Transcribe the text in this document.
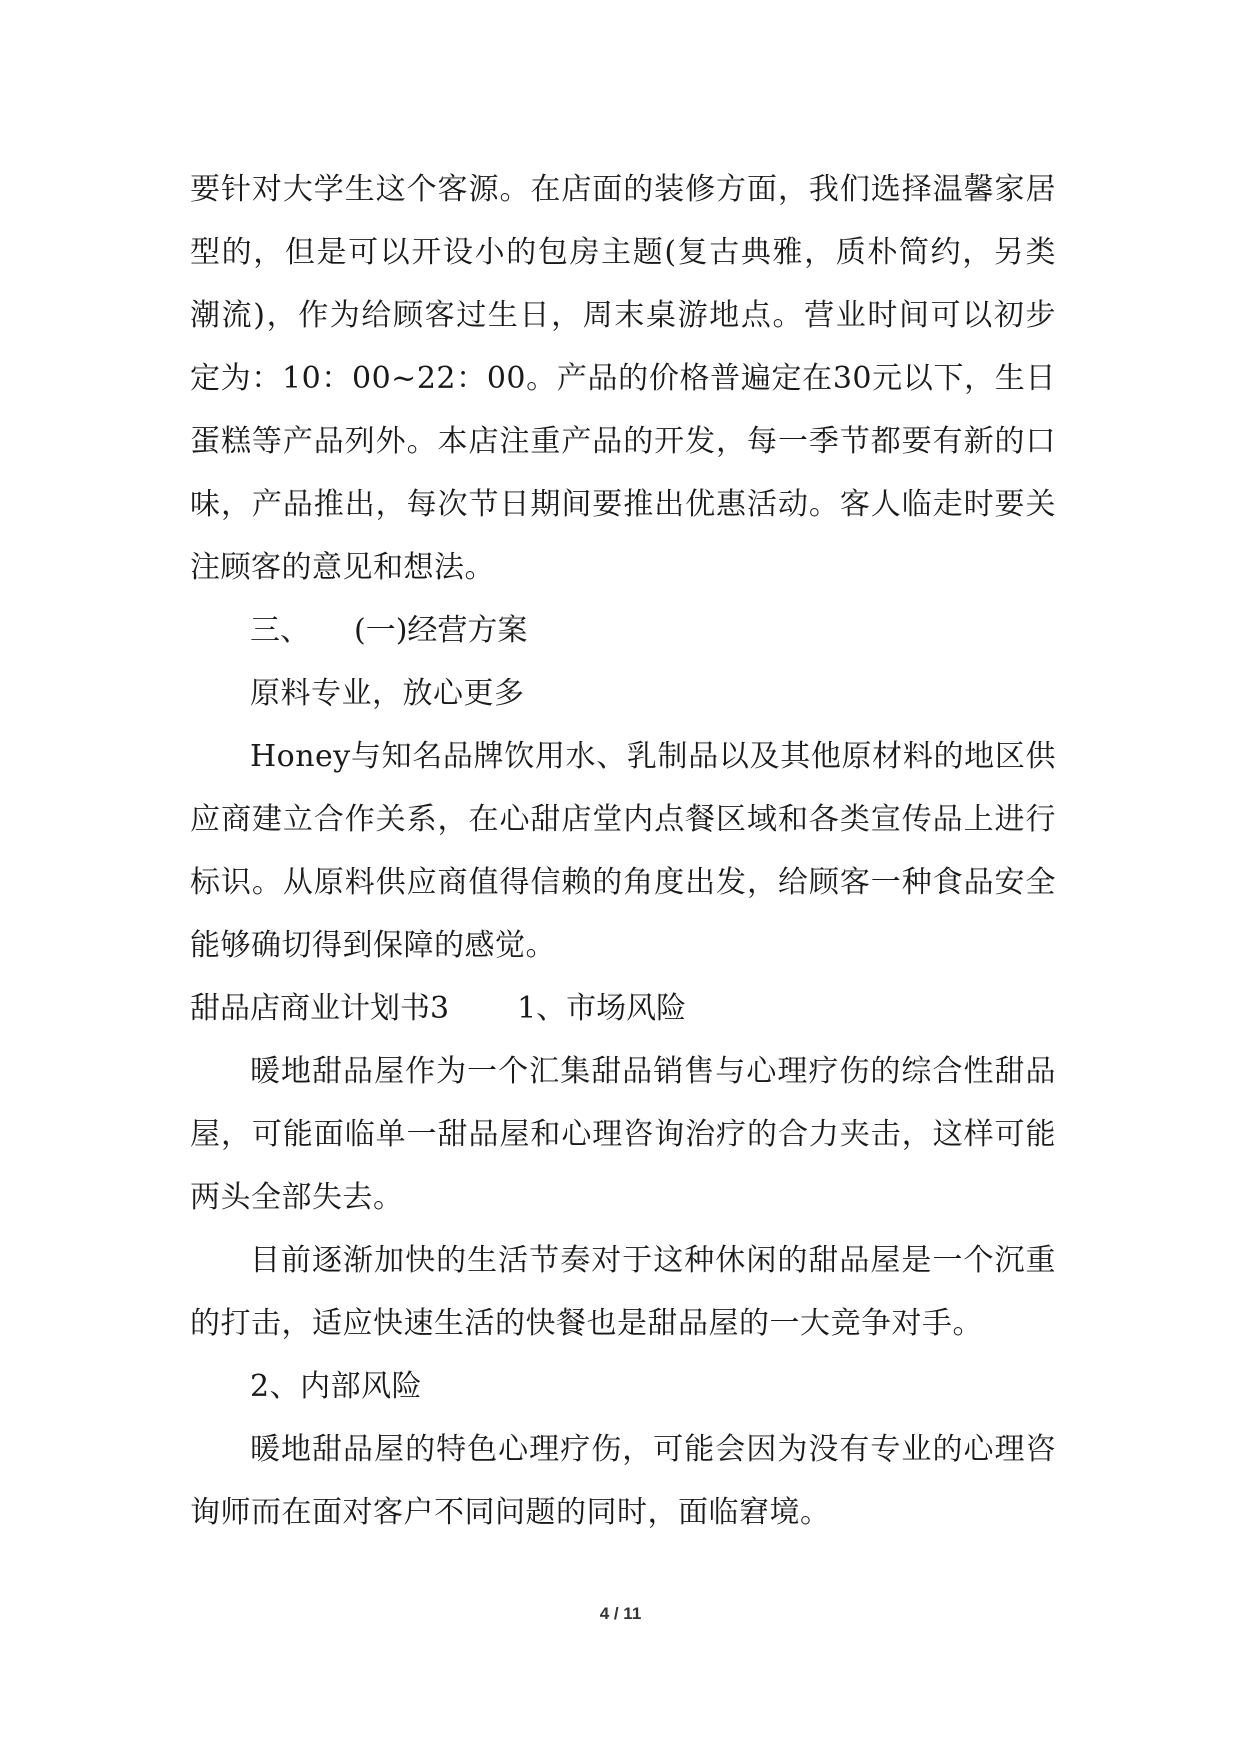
要针对大学生这个客源。在店面的装修方面，我们选择温馨家居型的，但是可以开设小的包房主题(复古典雅，质朴简约，另类潮流)，作为给顾客过生日，周末桌游地点。营业时间可以初步定为：10：00~22：00。产品的价格普遍定在30元以下，生日蛋糕等产品列外。本店注重产品的开发，每一季节都要有新的口味，产品推出，每次节日期间要推出优惠活动。客人临走时要关注顾客的意见和想法。

三、 (一)经营方案

原料专业，放心更多

Honey与知名品牌饮用水、乳制品以及其他原材料的地区供应商建立合作关系，在心甜店堂内点餐区域和各类宣传品上进行标识。从原料供应商值得信赖的角度出发，给顾客一种食品安全能够确切得到保障的感觉。

甜品店商业计划书3 1、市场风险

暖地甜品屋作为一个汇集甜品销售与心理疗伤的综合性甜品屋，可能面临单一甜品屋和心理咨询治疗的合力夹击，这样可能两头全部失去。

目前逐渐加快的生活节奏对于这种休闲的甜品屋是一个沉重的打击，适应快速生活的快餐也是甜品屋的一大竞争对手。

2、内部风险

暖地甜品屋的特色心理疗伤，可能会因为没有专业的心理咨询师而在面对客户不同问题的同时，面临窘境。

4 / 11
